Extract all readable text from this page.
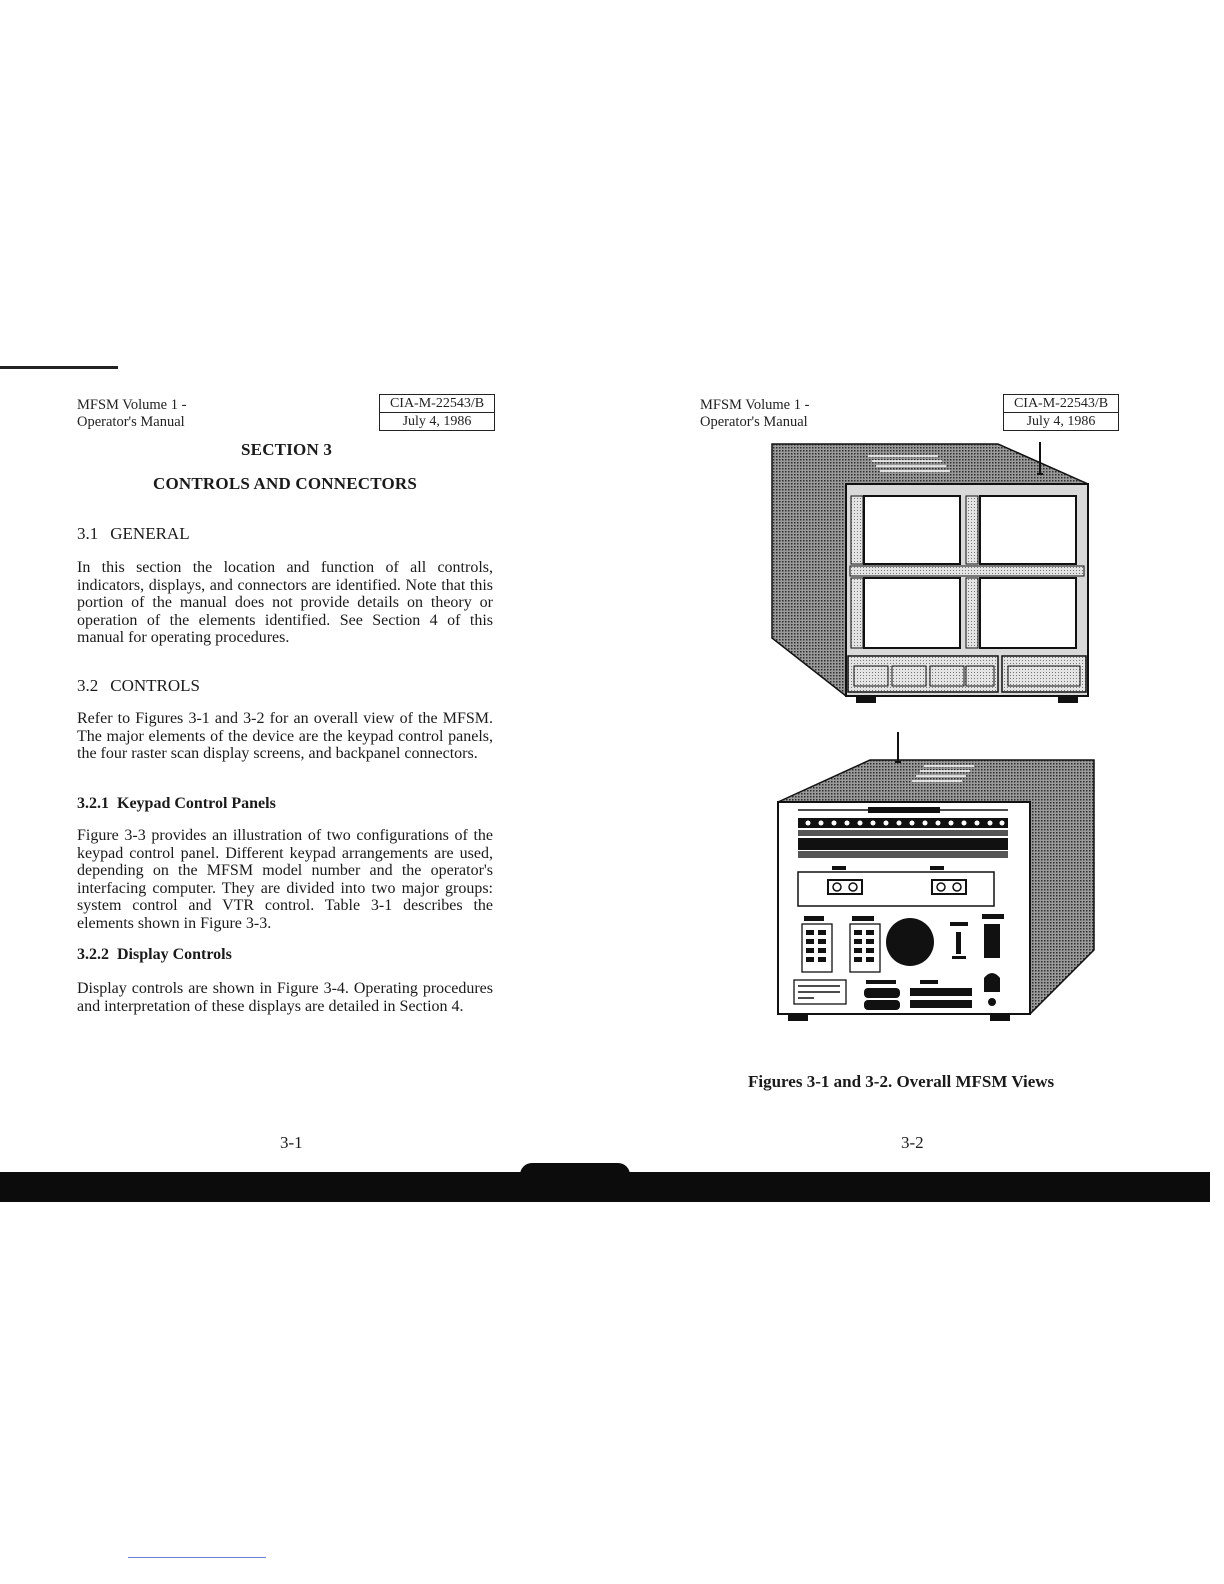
MFSM Volume 1 -
Operator's Manual
CIA-M-22543/B
July 4, 1986
SECTION 3
CONTROLS AND CONNECTORS
3.1 GENERAL

In this section the location and function of all controls, indicators, displays, and connectors are identified. Note that this portion of the manual does not provide details on theory or operation of the elements identified. See Section 4 of this manual for operating procedures.

3.2 CONTROLS

Refer to Figures 3-1 and 3-2 for an overall view of the MFSM. The major elements of the device are the keypad control panels, the four raster scan display screens, and backpanel connectors.

3.2.1 Keypad Control Panels

Figure 3-3 provides an illustration of two configurations of the keypad control panel. Different keypad arrangements are used, depending on the MFSM model number and the operator's interfacing computer. They are divided into two major groups: system control and VTR control. Table 3-1 describes the elements shown in Figure 3-3.

3.2.2 Display Controls

Display controls are shown in Figure 3-4. Operating procedures and interpretation of these displays are detailed in Section 4.

3-1
MFSM Volume 1 -
Operator's Manual
CIA-M-22543/B
July 4, 1986
Figures 3-1 and 3-2. Overall MFSM Views
3-2
